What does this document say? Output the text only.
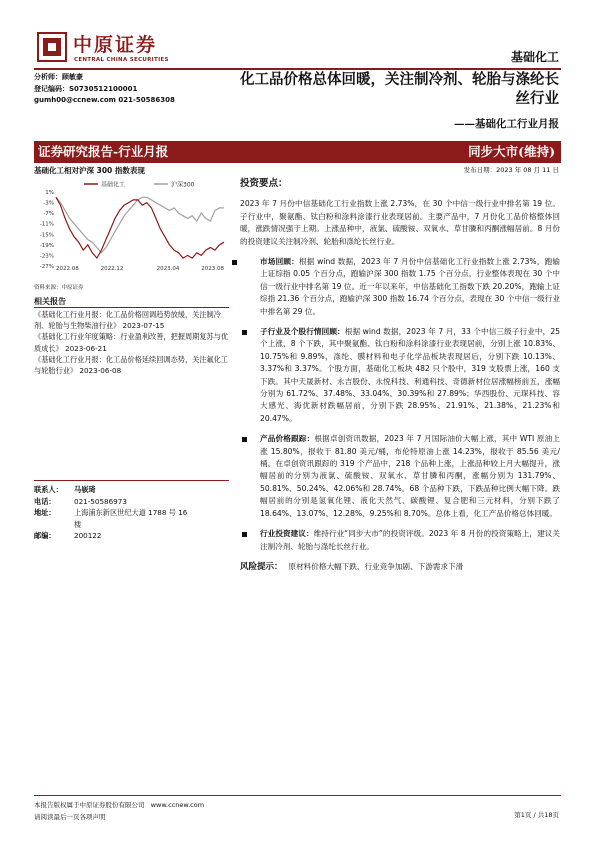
中原证券
CENTRAL CHINA SECURITIES	基础化工
分析师：顾敏豪
登记编码：S0730512100001
gumh00@ccnew.com 021-50586308
化工品价格总体回暖，关注制冷剂、轮胎与涤纶长丝行业
——基础化工行业月报
证券研究报告-行业月报	同步大市(维持)
发布日期：2023 年 08 月 11 日
基础化工相对沪深 300 指数表现
基础化工	沪深300
1%
-3%
-7%
-11%
-15%
-19%
-23%
-27% 2022.08	2022.12	2023.04	2023.08
资料来源：中原证券
相关报告

《基础化工行业月报：化工品价格回调趋势放缓，关注制冷剂、轮胎与生物柴油行业》 2023-07-15

《基础化工行业年度策略：行业盈利改善，把握周期复苏与优质成长》 2023-06-21

《基础化工行业月报：化工品价格延续回调态势，关注氟化工与轮胎行业》 2023-06-08

联系人：	马嵚琦
电话：	021-50586973
地址：	上海浦东新区世纪大道 1788 号 16 楼
邮编：	200122
投资要点：

2023 年 7 月份中信基础化工行业指数上涨 2.73%，在 30 个中信一级行业中排名第 19 位。子行业中，聚氨酯、钛白粉和涂料涂漆行业表现居前。主要产品中，7 月份化工品价格整体回暖，涨跌情况强于上期。上涨品种中，液氯、硫酸铵、双氧水、草甘膦和丙酮涨幅居前。8 月份的投资建议关注制冷剂、轮胎和涤纶长丝行业。

市场回顾：根据 wind 数据，2023 年 7 月份中信基础化工行业指数上涨 2.73%，跑输上证综指 0.05 个百分点，跑输沪深 300 指数 1.75 个百分点，行业整体表现在 30 个中信一级行业中排名第 19 位。近一年以来年，中信基础化工指数下跌 20.20%，跑输上证综指 21.36 个百分点，跑输沪深 300 指数 16.74 个百分点，表现在 30 个中信一级行业中排名第 29 位。

子行业及个股行情回顾：根据 wind 数据，2023 年 7 月，33 个中信三级子行业中，25 个上涨，8 个下跌，其中聚氨酯、钛白粉和涂料涂漆行业表现居前，分别上涨 10.83%、10.75%和 9.89%，涤纶、膜材料和电子化学品板块表现居后，分别下跌 10.13%、3.37%和 3.37%。个股方面，基础化工板块 482 只个股中，319 支股票上涨，160 支下跌。其中天晟新材、永吉股份、永悦科技、利通科技、奇德新材位居涨幅榜前五，涨幅分别为 61.72%、37.48%、33.04%、30.39%和 27.89%；华西股份、元琛科技、容大感光、海优新材跌幅居前，分别下跌 28.95%、21.91%、21.38%、21.23%和 20.47%。

产品价格跟踪：根据卓创资讯数据，2023 年 7 月国际油价大幅上涨，其中 WTI 原油上涨 15.80%，报收于 81.80 美元/桶，布伦特原油上涨 14.23%，报收于 85.56 美元/桶。在卓创资讯跟踪的 319 个产品中，218 个品种上涨，上涨品种较上月大幅提升，涨幅居前的分别为液氯、硫酸铵、双氧水、草甘膦和丙酮，涨幅分别为 131.79%、50.81%、50.24%、42.06%和 28.74%。68 个品种下跌，下跌品种比例大幅下降。跌幅居前的分别是氢氧化锂、液化天然气、碳酸锂、复合肥和三元材料，分别下跌了 18.64%、13.07%、12.28%、9.25%和 8.70%。总体上看，化工产品价格总体回暖。

行业投资建议：维持行业“同步大市”的投资评级。2023 年 8 月份的投资策略上，建议关注制冷剂、轮胎与涤纶长丝行业。

风险提示： 原材料价格大幅下跌、行业竞争加剧、下游需求下滑

本报告版权属于中原证券股份有限公司 www.ccnew.com
请阅读最后一页各项声明	第1页 / 共18页
